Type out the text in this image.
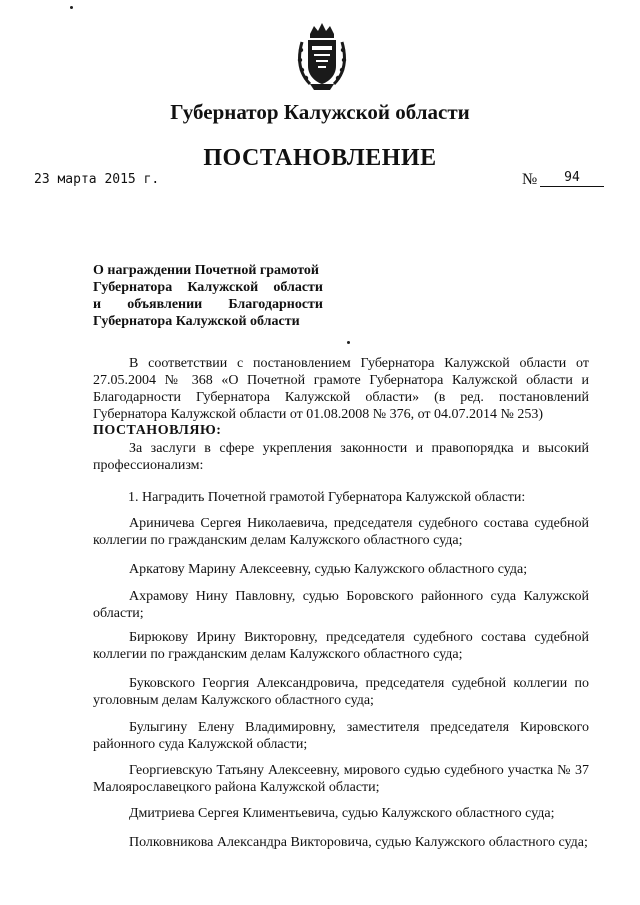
Губернатор Калужской области
ПОСТАНОВЛЕНИЕ
23 марта 2015 г.	№	94
О награждении Почетной грамотой
Губернатора Калужской области
и объявлении Благодарности
Губернатора Калужской области
В соответствии с постановлением Губернатора Калужской области от 27.05.2004 № 368 «О Почетной грамоте Губернатора Калужской области и Благодарности Губернатора Калужской области» (в ред. постановлений Губернатора Калужской области от 01.08.2008 № 376, от 04.07.2014 № 253)
ПОСТАНОВЛЯЮ:
За заслуги в сфере укрепления законности и правопорядка и высокий профессионализм:
1. Наградить Почетной грамотой Губернатора Калужской области:
Ариничева Сергея Николаевича, председателя судебного состава судебной коллегии по гражданским делам Калужского областного суда;
Аркатову Марину Алексеевну, судью Калужского областного суда;
Ахрамову Нину Павловну, судью Боровского районного суда Калужской области;
Бирюкову Ирину Викторовну, председателя судебного состава судебной коллегии по гражданским делам Калужского областного суда;
Буковского Георгия Александровича, председателя судебной коллегии по уголовным делам Калужского областного суда;
Булыгину Елену Владимировну, заместителя председателя Кировского районного суда Калужской области;
Георгиевскую Татьяну Алексеевну, мирового судью судебного участка № 37 Малоярославецкого района Калужской области;
Дмитриева Сергея Климентьевича, судью Калужского областного суда;
Полковникова Александра Викторовича, судью Калужского областного суда;
